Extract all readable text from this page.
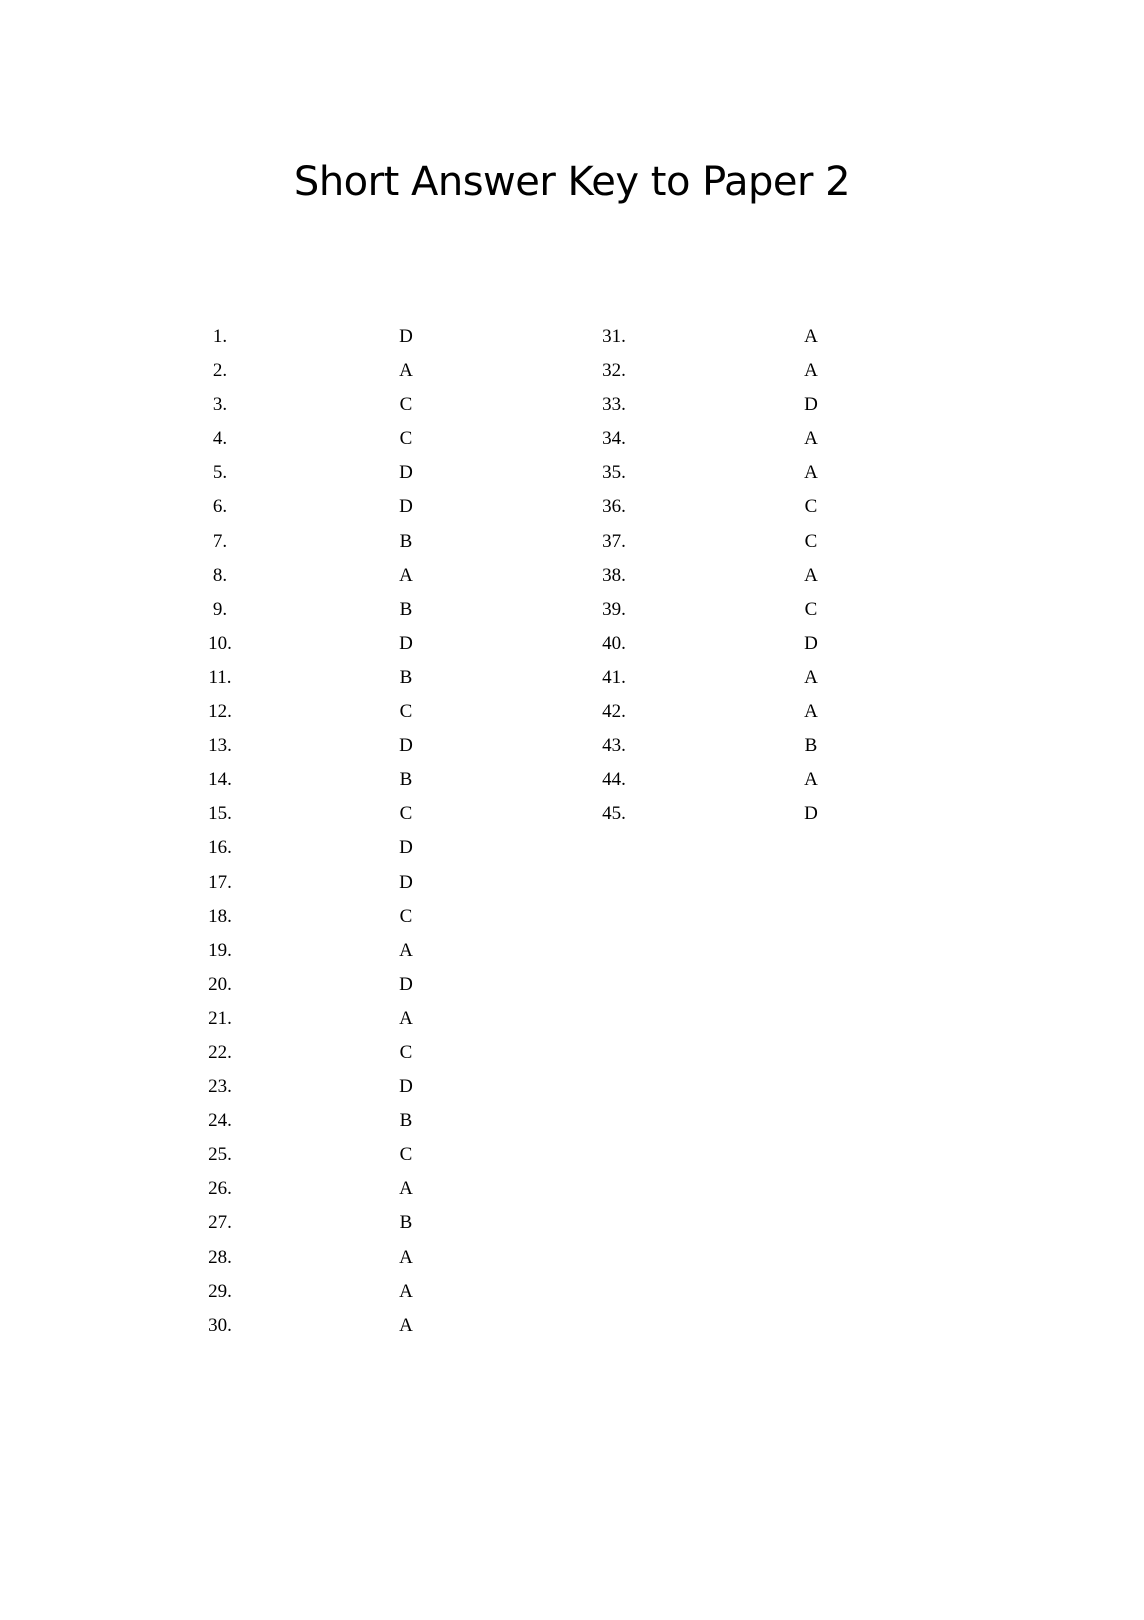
Short Answer Key to Paper 2
1.	D
2.	A
3.	C
4.	C
5.	D
6.	D
7.	B
8.	A
9.	B
10.	D
11.	B
12.	C
13.	D
14.	B
15.	C
16.	D
17.	D
18.	C
19.	A
20.	D
21.	A
22.	C
23.	D
24.	B
25.	C
26.	A
27.	B
28.	A
29.	A
30.	A
31.	A
32.	A
33.	D
34.	A
35.	A
36.	C
37.	C
38.	A
39.	C
40.	D
41.	A
42.	A
43.	B
44.	A
45.	D
